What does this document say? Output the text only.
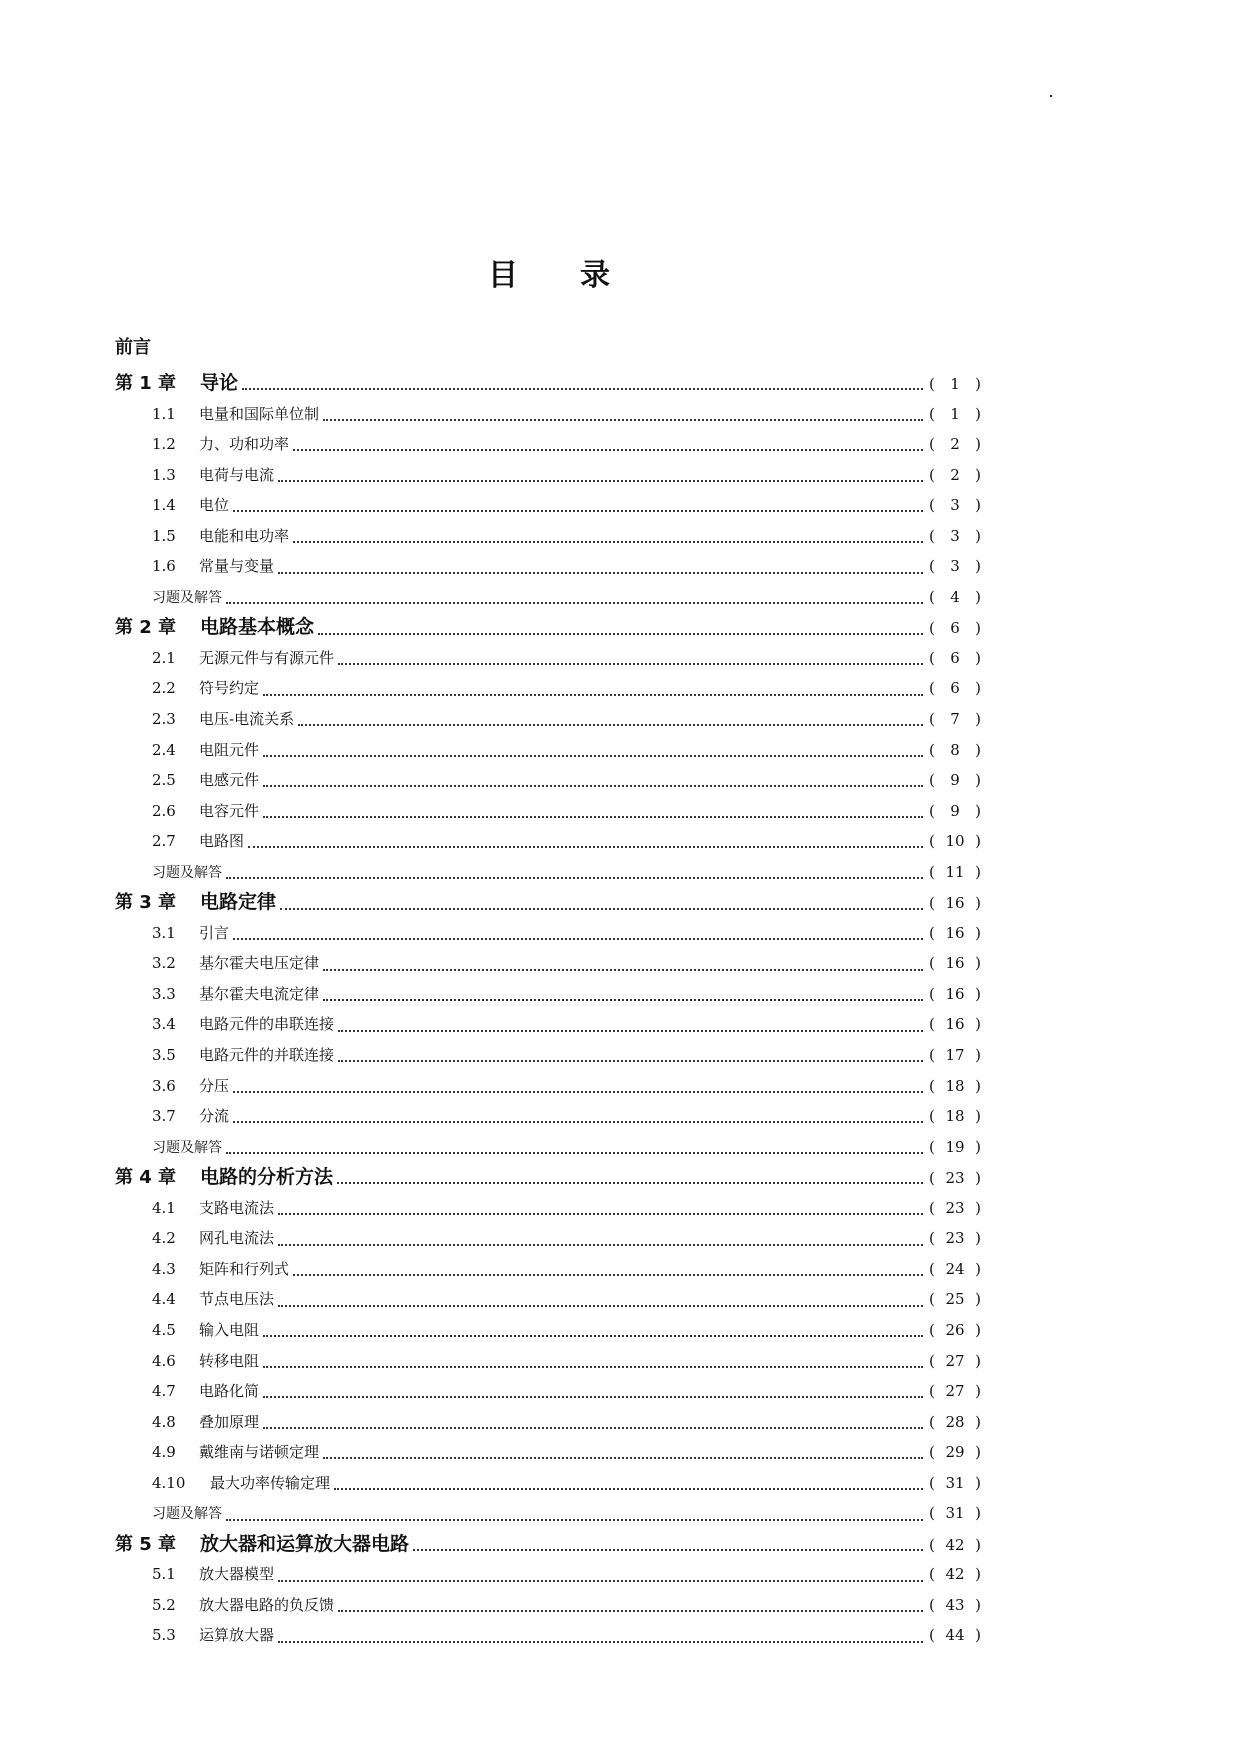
目 录
前言
第 1 章	导论	(	1	)
1.1	电量和国际单位制	(	1	)
1.2	力、功和功率	(	2	)
1.3	电荷与电流	(	2	)
1.4	电位	(	3	)
1.5	电能和电功率	(	3	)
1.6	常量与变量	(	3	)
习题及解答	(	4	)
第 2 章	电路基本概念	(	6	)
2.1	无源元件与有源元件	(	6	)
2.2	符号约定	(	6	)
2.3	电压-电流关系	(	7	)
2.4	电阻元件	(	8	)
2.5	电感元件	(	9	)
2.6	电容元件	(	9	)
2.7	电路图	( 10 )
习题及解答	( 11 )
第 3 章	电路定律	( 16 )
3.1	引言	( 16 )
3.2	基尔霍夫电压定律	( 16 )
3.3	基尔霍夫电流定律	( 16 )
3.4	电路元件的串联连接	( 16 )
3.5	电路元件的并联连接	( 17 )
3.6	分压	( 18 )
3.7	分流	( 18 )
习题及解答	( 19 )
第 4 章	电路的分析方法	( 23 )
4.1	支路电流法	( 23 )
4.2	网孔电流法	( 23 )
4.3	矩阵和行列式	( 24 )
4.4	节点电压法	( 25 )
4.5	输入电阻	( 26 )
4.6	转移电阻	( 27 )
4.7	电路化简	( 27 )
4.8	叠加原理	( 28 )
4.9	戴维南与诺顿定理	( 29 )
4.10	最大功率传输定理	( 31 )
习题及解答	( 31 )
第 5 章	放大器和运算放大器电路	( 42 )
5.1	放大器模型	( 42 )
5.2	放大器电路的负反馈	( 43 )
5.3	运算放大器	( 44 )
